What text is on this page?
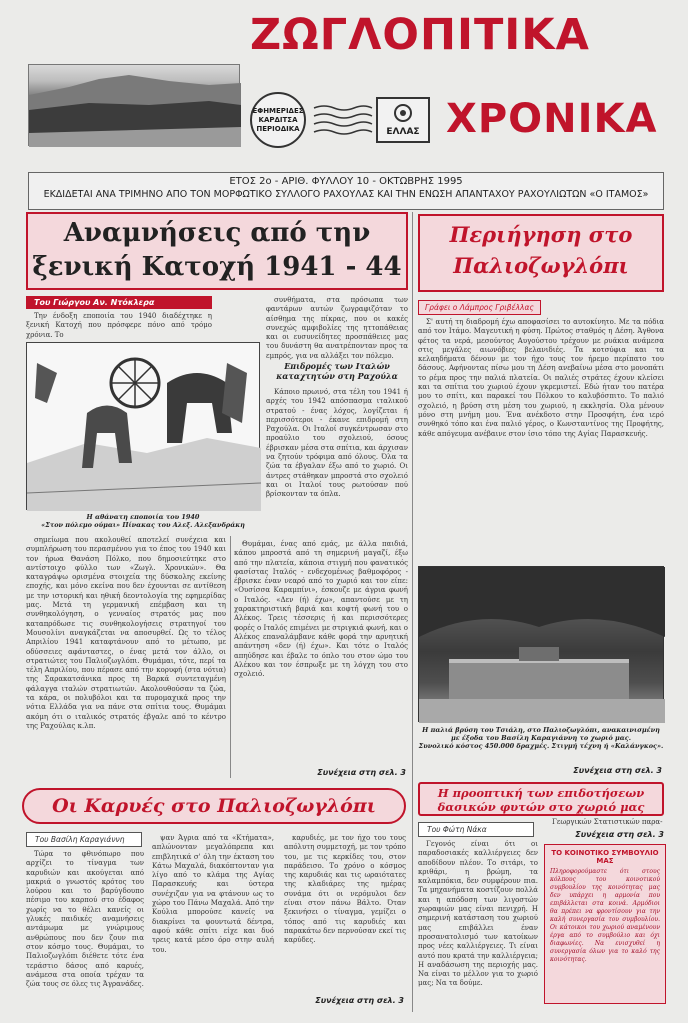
ΖΩΓΛΟΠΙΤΙΚΑ
ΧΡΟΝΙΚΑ
ΕΦΗΜΕΡΙΔΕΣ ΚΑΡΔΙΤΣΑ ΠΕΡΙΟΔΙΚΑ	ΕΛΛΑΣ
ΕΤΟΣ 2ο - ΑΡΙΘ. ΦΥΛΛΟΥ 10 - ΟΚΤΩΒΡΗΣ 1995
ΕΚΔΙΔΕΤΑΙ ΑΝΑ ΤΡΙΜΗΝΟ ΑΠΟ ΤΟΝ ΜΟΡΦΩΤΙΚΟ ΣΥΛΛΟΓΟ ΡΑΧΟΥΛΑΣ ΚΑΙ ΤΗΝ ΕΝΩΣΗ ΑΠΑΝΤΑΧΟΥ ΡΑΧΟΥΛΙΩΤΩΝ «Ο ΙΤΑΜΟΣ»
Αναμνήσεις από την
ξενική Κατοχή 1941 - 44
Του Γιώργου Αν. Ντόκλερα

Την ένδοξη εποποιία του 1940 διαδέχτηκε η ξενική Κατοχή που πρόσφερε πόνο από τρόμο χρόνια. Το

Η αθάνατη εποποιία του 1940
«Στον πόλεμο ούμαι» Πίνακας του Αλεξ. Αλεξανδράκη

σημείωμα που ακολουθεί αποτελεί συνέχεια και συμπλήρωση του περασμένου για το έπος του 1940 και τον ήρωα Θανάση Πόλκο, που δημοσιεύτηκε στο αντίστοιχο φύλλο των «Ζωγλ. Χρονικών». Θα καταγράψω ορισμένα στοιχεία της δύσκολης εκείνης εποχής, και μόνο εκείνα που δεν έχουνται σε αντίθεση με την ιστορική και ηθική δεοντολογία της εφημερίδας μας. Μετά τη γερμανική επέμβαση και τη συνθηκολόγηση, ο γενναίος στρατός μας που καταπρόδωσε τις συνθηκολογήσεις στρατηγοί του Μουσολίνι αναγκάζεται να αποσυρθεί. Ως το τέλος Απριλίου 1941 καταφτάνουν από το μέτωπο, με οδύσσειες αφάνταστες, ο ένας μετά τον άλλο, οι στρατιώτες του Παλιοζωγλόπι. Θυμάμαι, τότε, περί τα τέλη Απριλίου, που πέρασε από την κορυφή (στα νότια) της Σαρακατσάνικα προς τη Βαρκά συντεταγμένη φάλαγγα ιταλών στρατιωτών. Ακολουθούσαν τα ζώα, τα κάρα, οι πολυβόλοι και τα πυρομαχικά προς την νότια Ελλάδα για να πάνε στα σπίτια τους. Θυμάμαι ακόμη ότι ο ιταλικός στρατός έβγαλε από το κέντρο της Ραχούλας κ.λπ.

συνθήματα, στα πρόσωπα των φαντάρων αυτών ζωγραφιζόταν το αίσθημα της πίκρας, που οι κακές συνεχώς αμφιβολίες της ηττοπάθειας και οι ευσυνείδητες προσπάθειες μας του δυνάστη θα ανατρέπονταν προς τα εμπρός, για να αλλάξει τον πόλεμο.

Επιδρομές των Ιταλών καταχτητών στη Ραχούλα

Κάποιο πρωινό, στα τέλη του 1941 ή αρχές του 1942 απόσπασμα ιταλικού στρατού - ένας λόχος, λογίζεται ή περισσότεροι - έκανε επιδρομή στη Ραχούλα. Οι Ιταλοί συγκέντρωσαν στο προαύλιο του σχολειού, όσους έβρισκαν μέσα στα σπίτια, και άρχισαν να ζητούν τρόφιμα από όλους. Όλα τα ζώα τα έβγαλαν έξω από το χωριό. Οι άντρες στάθηκαν μπροστά στο σχολειό και οι Ιταλοί τους ρωτούσαν πού βρίσκονταν τα όπλα.

Θυμάμαι, ένας από εμάς, με άλλα παιδιά, κάπου μπροστά από τη σημερινή μαγαζί, έξω από την πλατεία, κάποια στιγμή που φανατικός φασίστας Ιταλός - ενδεχομένως βαθμοφόρος - έβρισκε έναν νεαρό από το χωριό και τον είπε: «Ουσίσσα Καραμπίνι», έσκουζε με άγρια φωνή ο Ιταλός. «Δεν (ή) έχω», απαντούσε με τη χαρακτηριστική βαριά και κοφτή φωνή του ο Αλέκος. Τρεις τέσσερις ή και περισσότερες φορές ο Ιταλός επιμένει με στριγκιά φωνή, και ο Αλέκος επαναλάμβανε κάθε φορά την αρνητική απάντηση «δεν (ή) έχω». Και τότε ο Ιταλός απηύδησε και έβαλε το όπλο του στον ώμο του Αλέκου και τον έσπρωξε με τη λόγχη του στο σχολειό.

Συνέχεια στη σελ. 3
Περιήγηση στο
Παλιοζωγλόπι
Γράφει ο Λάμπρος Γριβέλλας

Σ' αυτή τη διαδρομή έχω αποφασίσει το αυτοκίνητο. Με τα πόδια από τον Ιτάμο. Μαγευτική η φύση. Πρώτος σταθμός η Δέση. Άγθονα φέτος τα νερά, μεσούντος Αυγούστου τρέχουν με ρυάκια ανάμεσα στις μεγάλες αιωνόβιες βελανιδιές. Τα κοτσύφια και τα κελαηδήματα δένουν με τον ήχο τους τον ήρεμο περίπατο του δάσους. Αφήνοντας πίσω μου τη Δέση ανεβαίνω μέσα στο μονοπάτι το ρέμα προς την παλιά πλατεία. Οι παλιές στράτες έχουν κλείσει και τα σπίτια του χωριού έχουν γκρεμιστεί. Εδώ ήταν του πατέρα μου το σπίτι, και παρακεί του Πόλκου το καλυβόσπιτο. Το παλιό σχολειό, η βρύση στη μέση του χωριού, η εκκλησία. Όλα μένουν μόνο στη μνήμη μου. Ένα ανέκδοτο στην Προσφήτη, ένα ιερό συνθηκό τόπο και ένα παλιό γέρος, ο Κωνσταντίνος της Προφήτης, κάθε απόγευμα ανέβαινε στον ίσιο τόπο της Αγίας Παρασκευής.

Η παλιά βρύση του Τσιάλη, στο Παλιοζωγλόπι, ανακαινισμένη
με έξοδα του Βασίλη Καραγιάννη το χωριό μας.
Συνολικό κόστος 450.000 δραχμές. Στιγμή τέχνη ή «Καλάνγκος».
Συνέχεια στη σελ. 3
Οι Καρυές στο Παλιοζωγλόπι
Του Βασίλη Καραγιάννη

Τώρα το φθινόπωρο που αρχίζει το τίναγμα των καρυδιών και ακούγεται από μακριά ο γνωστός κρότος του λούρου και το βαρύγδουπο πέσιμο του καρπού στο έδαφος χωρίς να το θέλει κανείς οι γλυκές παιδικές αναμνήσεις αντάμωμα με γνώριμους ανθρώπους που δεν ζουν πια στον κόσμο τους. Θυμάμαι, το Παλιοζωγλόπι διέθετε τότε ένα τεράστιο δάσος από καρυές, ανάμεσα στα οποία τρέχαν τα ζώα τους σε όλες τις Άγρανάδες.

ψαν Άγρια από τα «Κτήματα», απλώνονταν μεγαλόπρεπα και επιβλητικά σ' όλη την έκταση του Κάτω Μαχαλά, διακόπτονταν για λίγο από το κλάμα της Αγίας Παρασκευής και ύστερα συνέχιζαν για να φτάνουν ως το χώρο του Πάνω Μαχαλά. Από την Κούλια μπορούσε κανείς να διακρίνει τα φουντωτά δέντρα, αφού κάθε σπίτι είχε και δυό τρεις κατά μέσο όρο στην αυλή του.

καρυδιές, με τον ήχο του τους απόλυτη συμμετοχή, με τον τρόπο του, με τις κερκίδες του, στον παράδεισο. Το χρόνο ο κόσμος της καρυδιάς και τις ωραιότατες της κλαδιάρες της ημέρας συνάμα ότι οι νερόμυλοι δεν είναι στον πάνω Βάλτο. Όταν ξεκινήσει ο τίναγμα, γεμίζει ο τόπος από τις καρυδιές και παρακάτω δεν περνούσαν εκεί τις καρύδες.

Συνέχεια στη σελ. 3
Η προοπτική των επιδοτήσεων
δασικών φυτών στο χωριό μας
Του Φώτη Νάκα

Γεγονός είναι ότι οι παραδοσιακές καλλιέργειες δεν αποδίδουν πλέον. Το σιτάρι, το κριθάρι, η βρώμη, τα καλαμπόκια, δεν συμφέρουν πια. Τα μηχανήματα κοστίζουν πολλά και η απόδοση των λιγοστών χωραφιών μας είναι πενιχρή. Η σημερινή κατάσταση του χωριού μας επιβάλλει έναν προσανατολισμό των κατοίκων προς νέες καλλιέργειες. Τι είναι αυτό που κρατά την καλλιέργεια; Η αναδάσωση της περιοχής μας. Να είναι το μέλλον για το χωριό μας; Να τα δούμε.

Γεωργικών Στατιστικών παρα-

Συνέχεια στη σελ. 3
ΤΟ ΚΟΙΝΟΤΙΚΟ ΣΥΜΒΟΥΛΙΟ ΜΑΣ
Πληροφορούμαστε ότι στους κόλπους του κοινοτικού συμβουλίου της κοινότητας μας δεν υπάρχει η αρμονία που επιβάλλεται στα κοινά. Αρμόδιοι θα πρέπει να φροντίσουν για την καλή συνεργασία του συμβουλίου. Οι κάτοικοι του χωριού αναμένουν έργα από το συμβούλιο και όχι διαφωνίες. Να ενισχυθεί η συνεργασία όλων για το καλό της κοινότητας.
